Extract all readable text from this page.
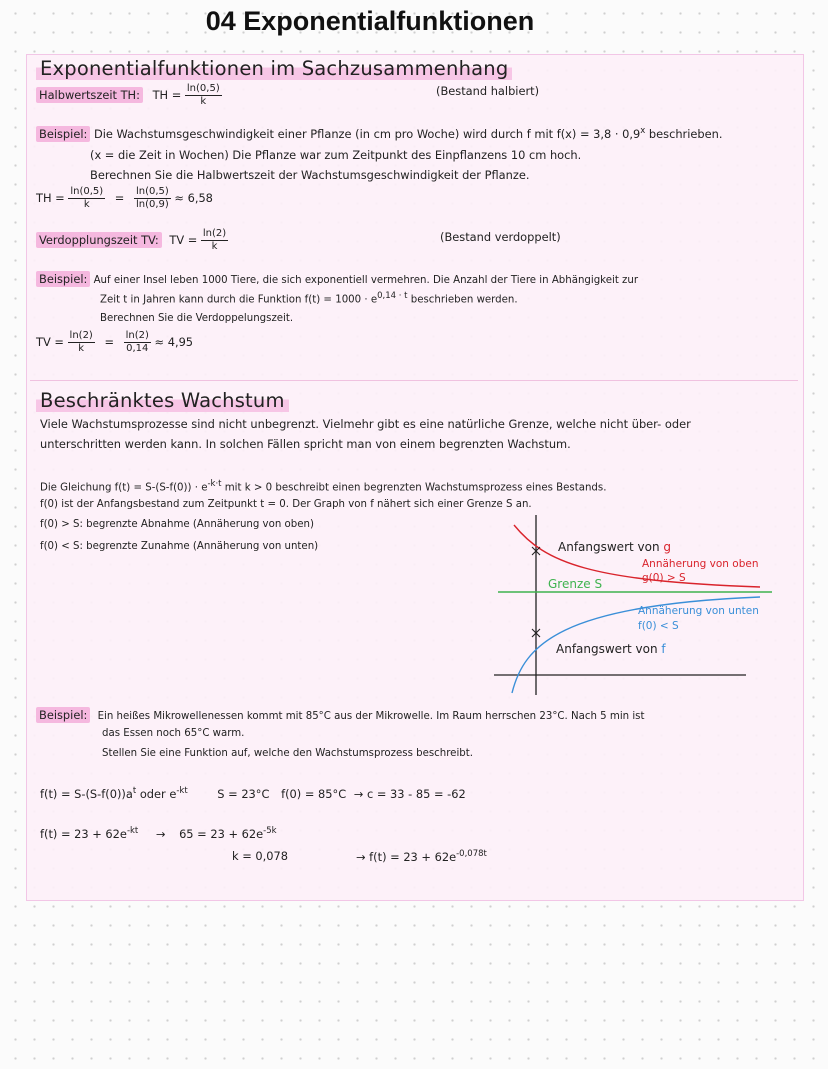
04 Exponentialfunktionen
Exponentialfunktionen im Sachzusammenhang
Halbwertszeit TH: TH = $\frac{\ln(0,5)}{k}$	(Bestand halbiert)
Beispiel: Die Wachstumsgeschwindigkeit einer Pflanze (in cm pro Woche) wird durch f mit $f(x) = 3,8 \cdot 0,9^x$ beschrieben.
(x = die Zeit in Wochen) Die Pflanze war zum Zeitpunkt des Einpflanzens 10 cm hoch.
Berechnen Sie die Halbwertszeit der Wachstumsgeschwindigkeit der Pflanze.
TH = $\frac{\ln(0,5)}{k} = \frac{\ln(0,5)}{\ln(0,9)} \approx 6,58$
Verdopplungszeit TV: TV = $\frac{\ln(2)}{k}$	(Bestand verdoppelt)
Beispiel: Auf einer Insel leben 1000 Tiere, die sich exponentiell vermehren. Die Anzahl der Tiere in Abhängigkeit zur
Zeit t in Jahren kann durch die Funktion $f(t) = 1000 \cdot e^{0,14 \cdot t}$ beschrieben werden.
Berechnen Sie die Verdoppelungszeit.
TV = $\frac{\ln(2)}{k} = \frac{\ln(2)}{0,14} \approx 4,95$
Beschränktes Wachstum
Viele Wachstumsprozesse sind nicht unbegrenzt. Vielmehr gibt es eine natürliche Grenze, welche nicht über- oder
unterschritten werden kann. In solchen Fällen spricht man von einem begrenzten Wachstum.
Die Gleichung $f(t) = S-(S-f(0)) \cdot e^{-k\cdot t}$ mit k > 0 beschreibt einen begrenzten Wachstumsprozess eines Bestands.
f(0) ist der Anfangsbestand zum Zeitpunkt t = 0. Der Graph von f nähert sich einer Grenze S an.
f(0) > S: begrenzte Abnahme (Annäherung von oben)
f(0) < S: begrenzte Zunahme (Annäherung von unten)	Anfangswert von g
Annäherung von oben
g(0) > S
Grenze S
Annäherung von unten
f(0) < S
Anfangswert von f
Beispiel: Ein heißes Mikrowellenessen kommt mit 85°C aus der Mikrowelle. Im Raum herrschen 23°C. Nach 5 min ist
das Essen noch 65°C warm.
Stellen Sie eine Funktion auf, welche den Wachstumsprozess beschreibt.
$f(t) = S-(S-f(0))a^t$ oder $e^{-kt}$	S = 23°C f(0) = 85°C → c = 33 - 85 = -62
$f(t) = 23 + 62e^{-kt} \to 65 = 23 + 62e^{-5k}$
k = 0,078	→ $f(t) = 23 + 62e^{-0,078t}$
